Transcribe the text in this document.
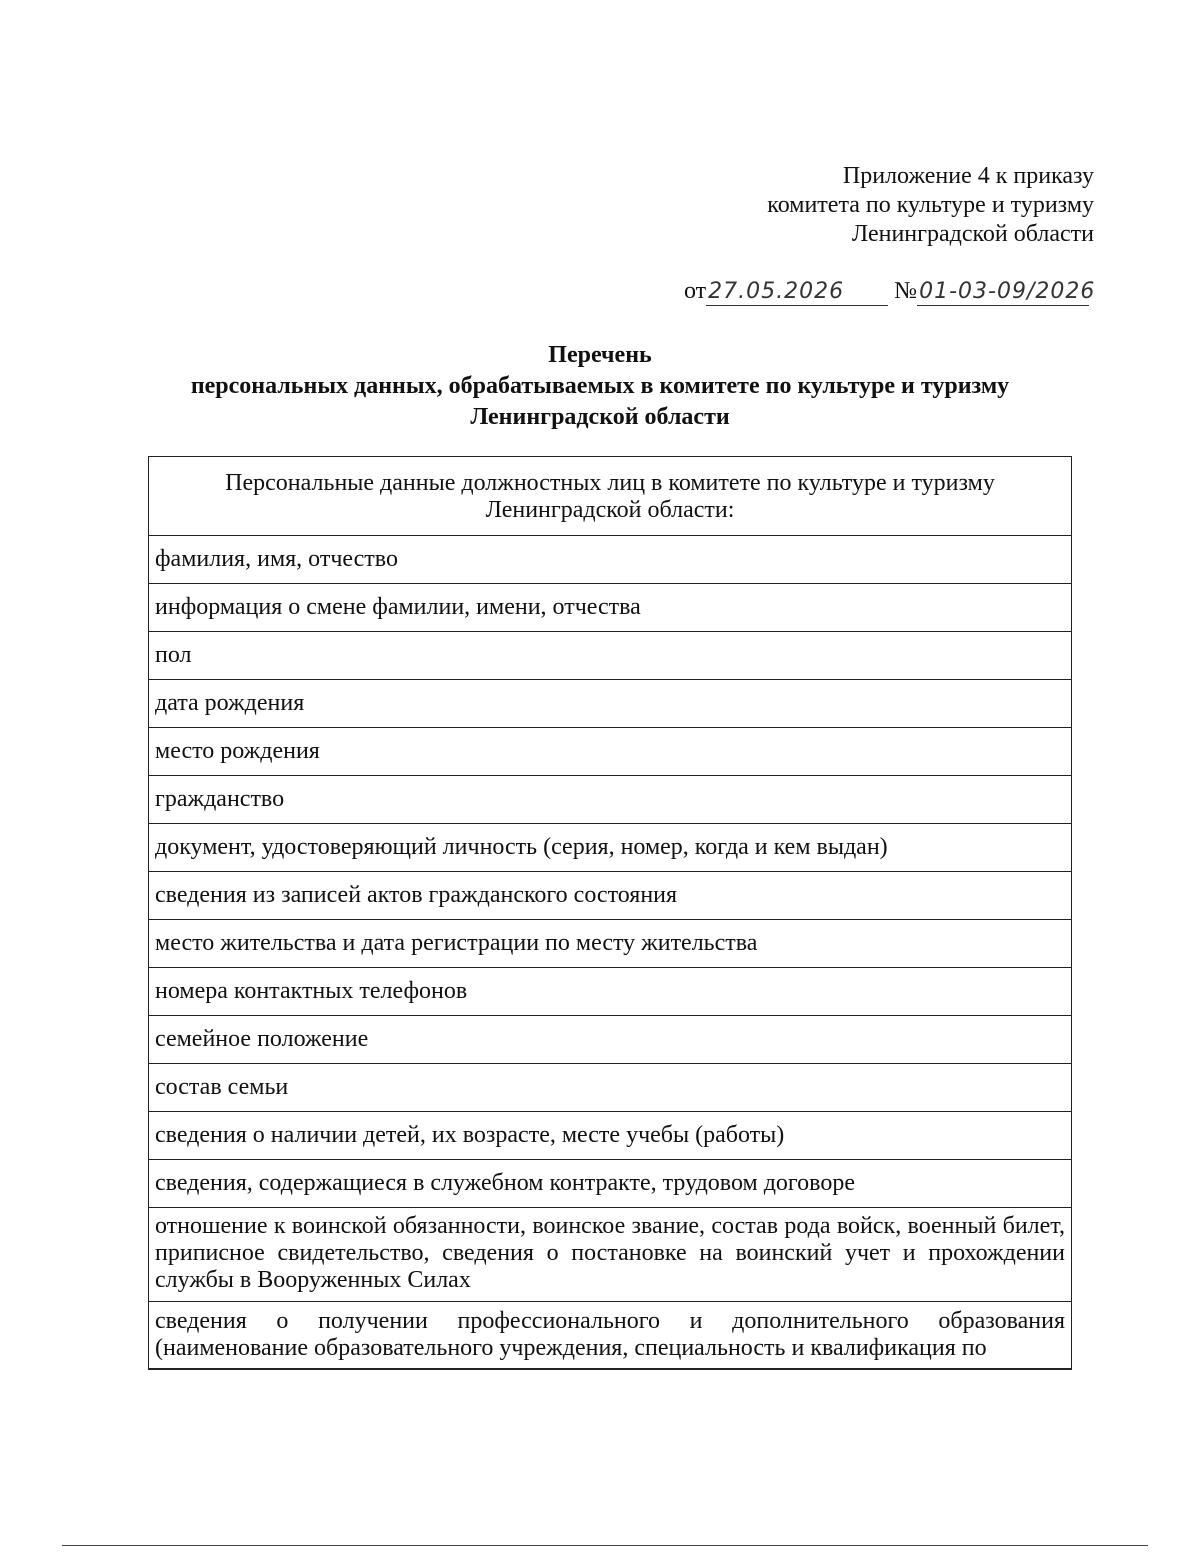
Приложение 4 к приказу
комитета по культуре и туризму
Ленинградской области
от27.05.2026 №01-03-09/2026
Перечень
персональных данных, обрабатываемых в комитете по культуре и туризму
Ленинградской области
Персональные данные должностных лиц в комитете по культуре и туризму
Ленинградской области:

фамилия, имя, отчество
информация о смене фамилии, имени, отчества
пол
дата рождения
место рождения
гражданство
документ, удостоверяющий личность (серия, номер, когда и кем выдан)
сведения из записей актов гражданского состояния
место жительства и дата регистрации по месту жительства
номера контактных телефонов
семейное положение
состав семьи
сведения о наличии детей, их возрасте, месте учебы (работы)
сведения, содержащиеся в служебном контракте, трудовом договоре
отношение к воинской обязанности, воинское звание, состав рода войск, военный билет, приписное свидетельство, сведения о постановке на воинский учет и прохождении службы в Вооруженных Силах
сведения о получении профессионального и дополнительного образования (наименование образовательного учреждения, специальность и квалификация по
